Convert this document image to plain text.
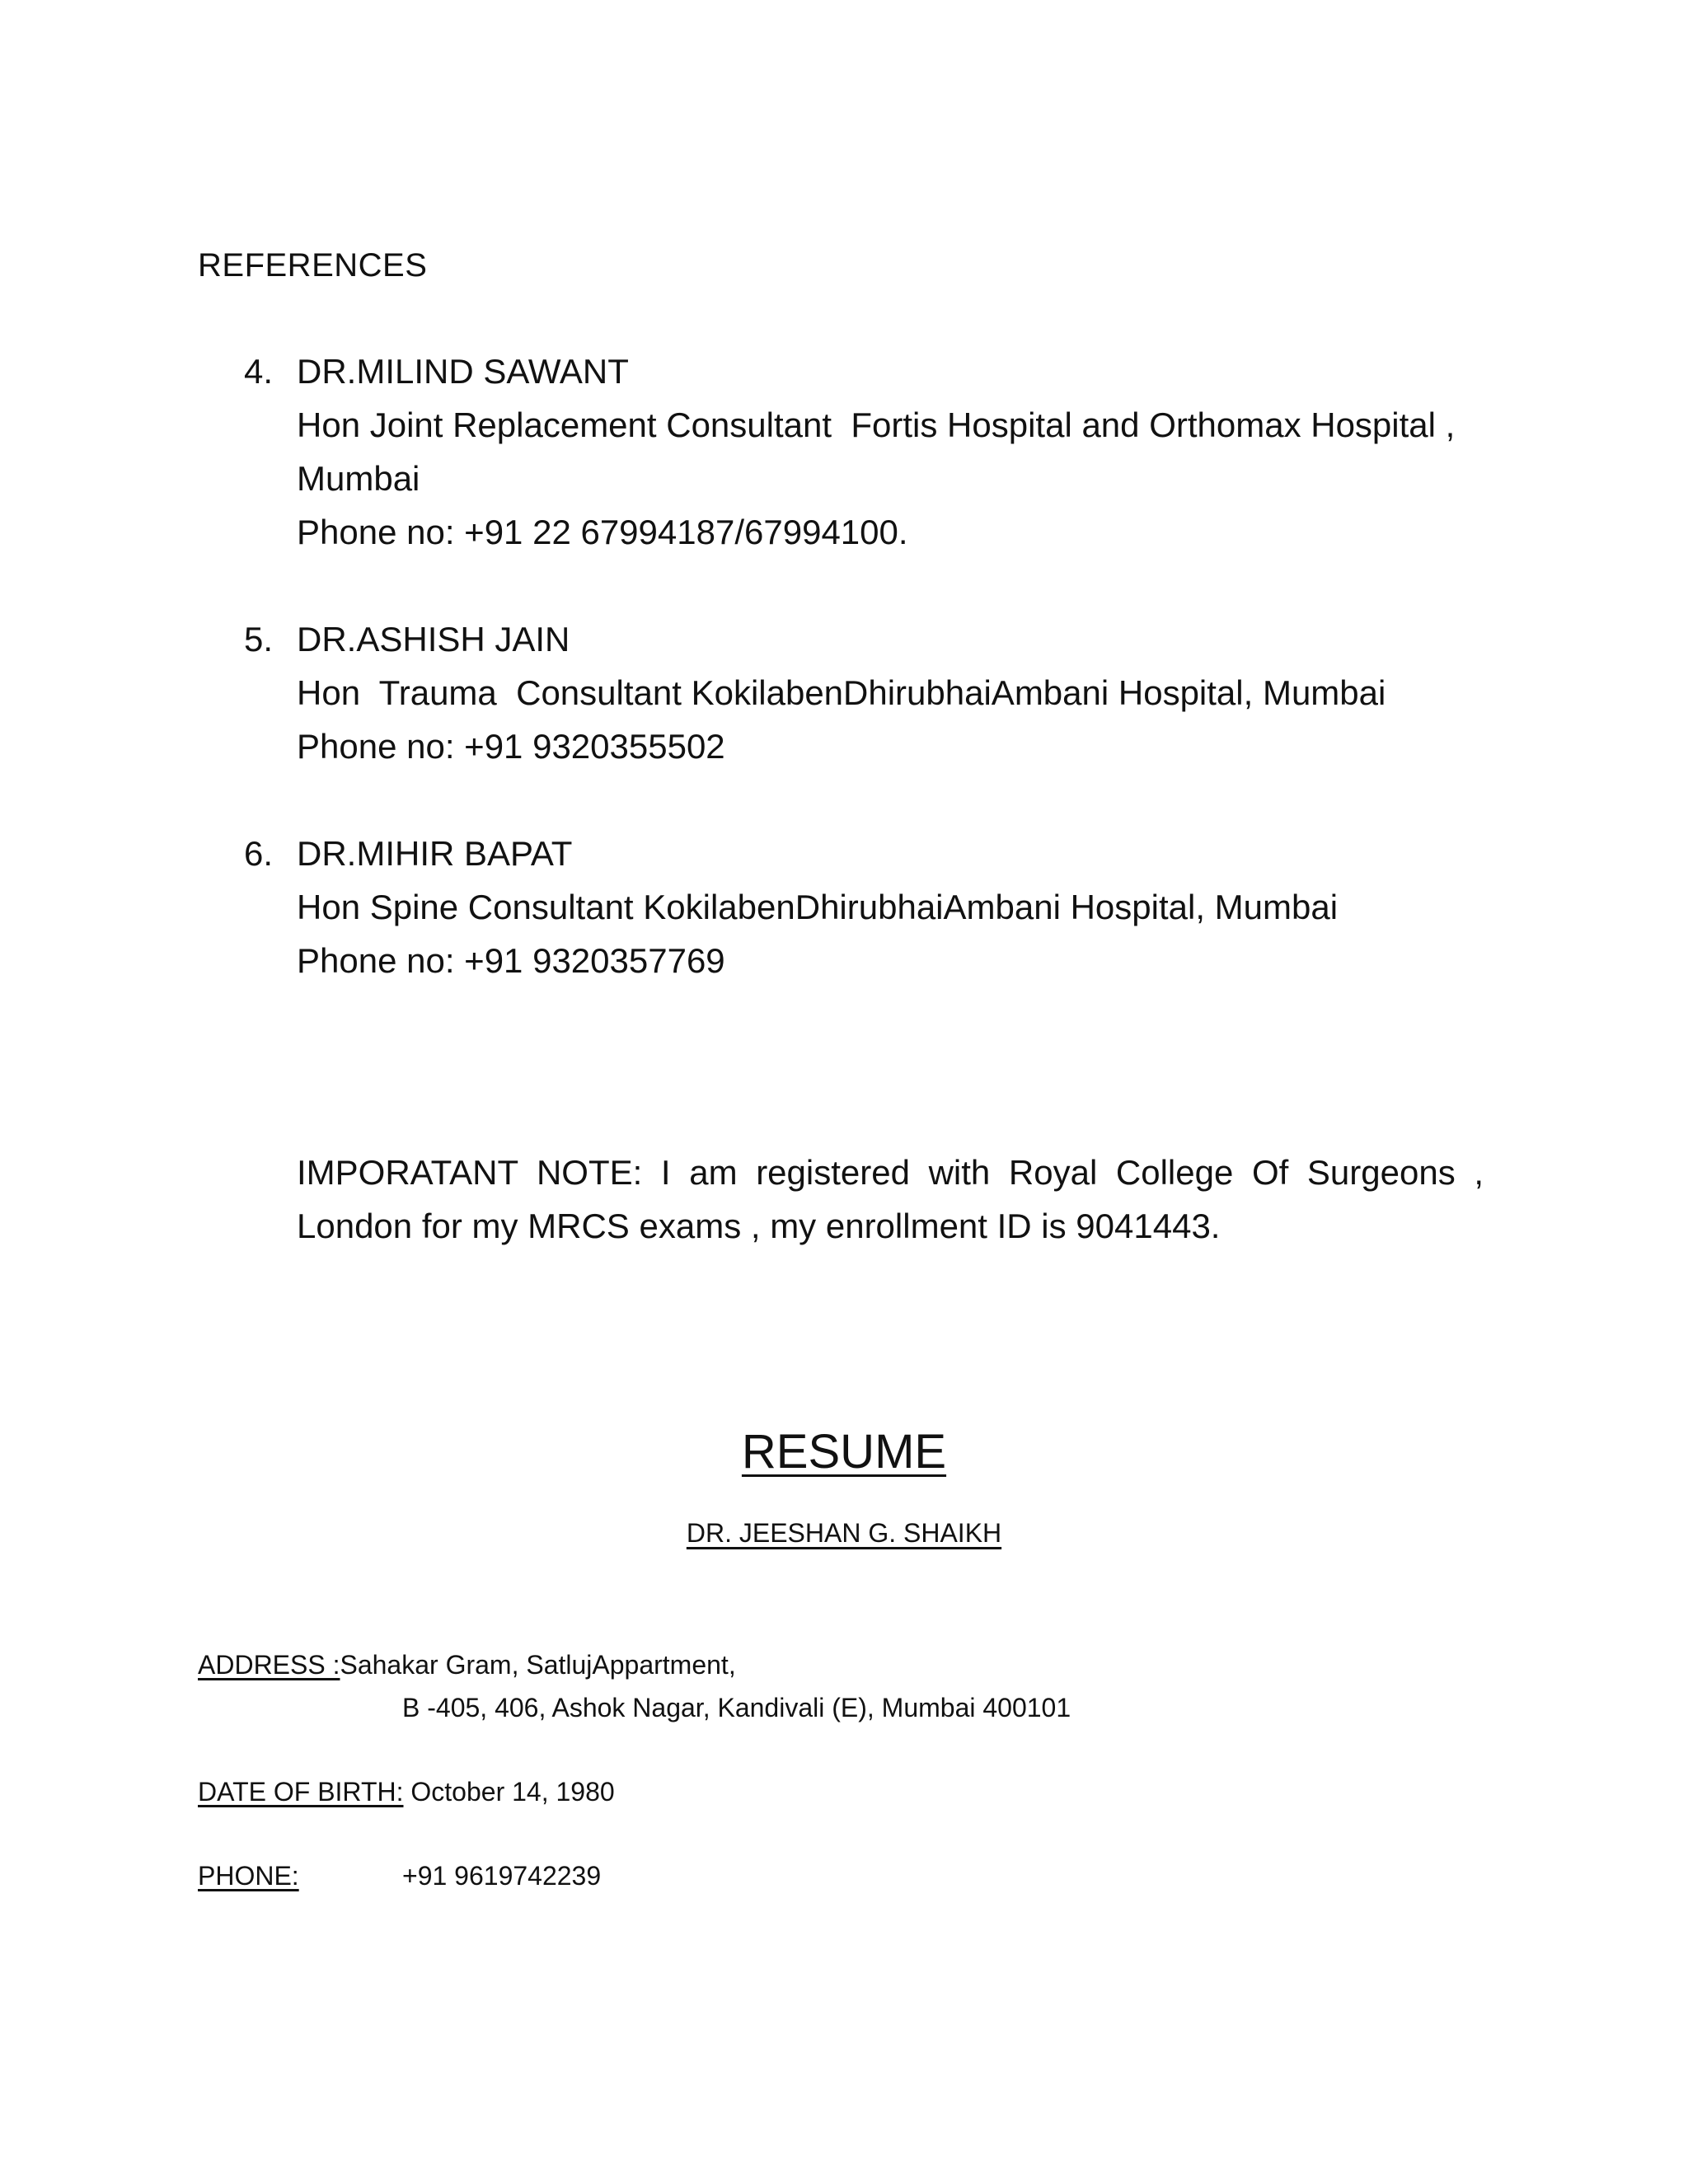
REFERENCES
4. DR.MILIND SAWANT
Hon Joint Replacement Consultant  Fortis Hospital and Orthomax Hospital ,
Mumbai
Phone no: +91 22 67994187/67994100.
5. DR.ASHISH JAIN
Hon  Trauma  Consultant KokilabenDhirubhaiAmbani Hospital, Mumbai
Phone no: +91 9320355502
6. DR.MIHIR BAPAT
Hon Spine Consultant KokilabenDhirubhaiAmbani Hospital, Mumbai
Phone no: +91 9320357769
IMPORATANT NOTE: I am registered with Royal College Of Surgeons , London for my MRCS exams , my enrollment ID is 9041443.
RESUME
DR. JEESHAN G. SHAIKH
ADDRESS :Sahakar Gram, SatlujAppartment,
B -405, 406, Ashok Nagar, Kandivali (E), Mumbai 400101
DATE OF BIRTH: October 14, 1980
PHONE:	+91 9619742239
